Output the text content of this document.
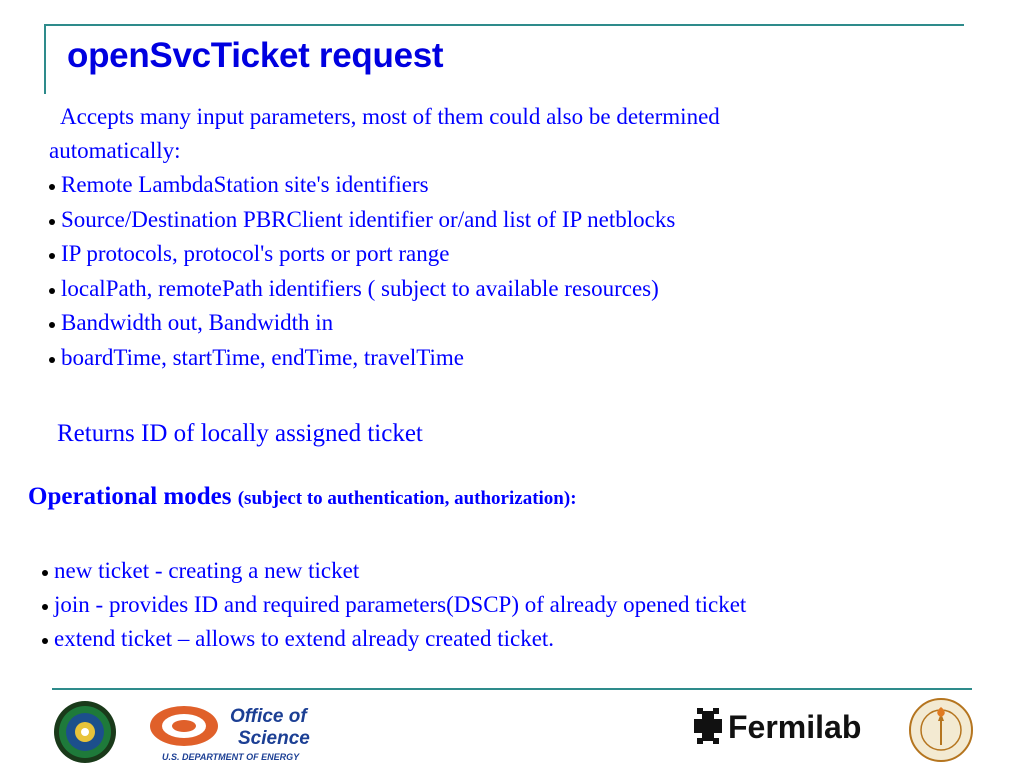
openSvcTicket request
Accepts many input parameters, most of them could also be determined
automatically:
Remote LambdaStation site's identifiers
Source/Destination PBRClient identifier or/and list of IP netblocks
IP protocols, protocol's ports or port range
localPath, remotePath identifiers ( subject to available resources)
Bandwidth out, Bandwidth in
boardTime, startTime, endTime, travelTime
Returns ID of locally assigned ticket
Operational modes (subject to authentication, authorization):
new ticket - creating a new ticket
join - provides ID and required parameters(DSCP) of already opened ticket
extend ticket – allows to extend already created ticket.
Office of
Science
U.S. DEPARTMENT OF ENERGY
Fermilab
